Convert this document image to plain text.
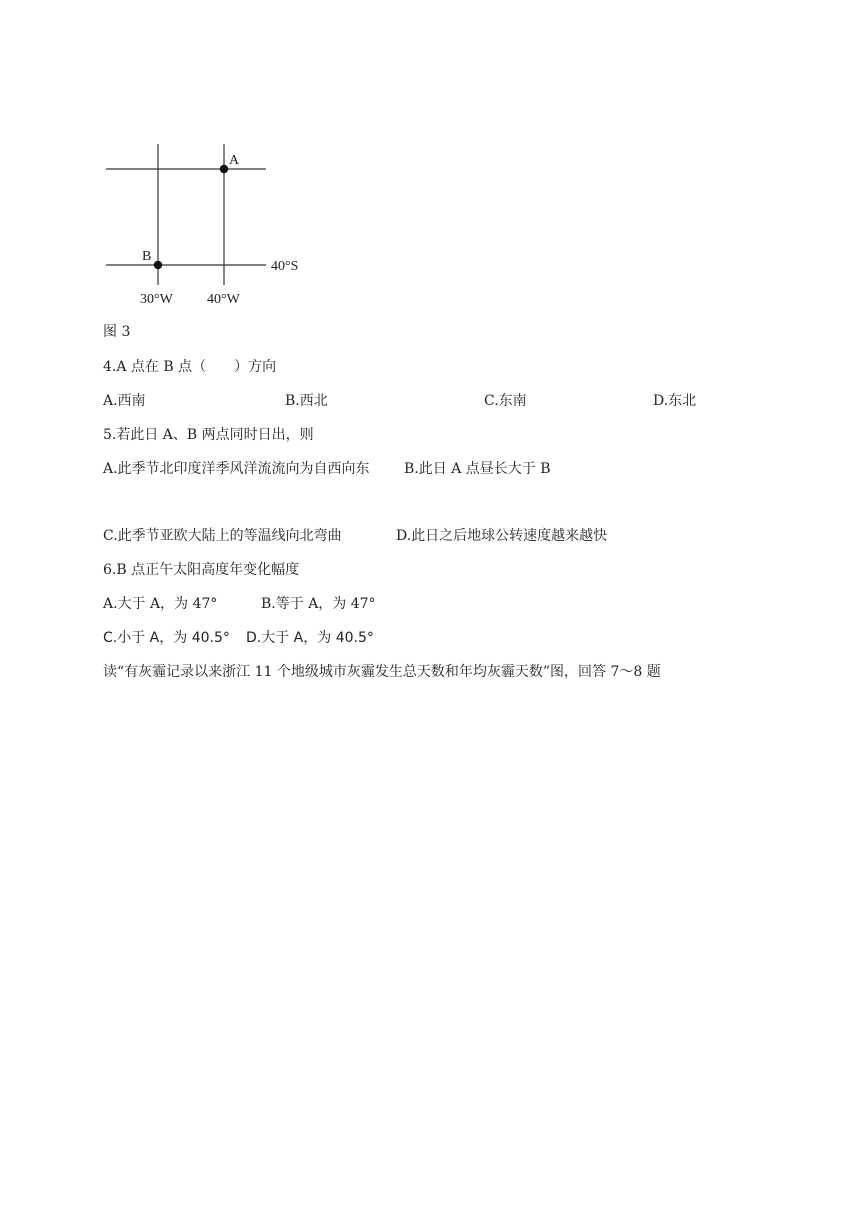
A
B
40°S
30°W 40°W
图 3
4.A 点在 B 点（　　）方向
A.西南	B.西北	C.东南	D.东北
5.若此日 A、B 两点同时日出，则
A.此季节北印度洋季风洋流流向为自西向东 B.此日 A 点昼长大于 B
C.此季节亚欧大陆上的等温线向北弯曲	D.此日之后地球公转速度越来越快
6.B 点正午太阳高度年变化幅度
A.大于 A，为 47°	B.等于 A，为 47°
C.小于 A，为 40.5° D.大于 A，为 40.5°
读“有灰霾记录以来浙江 11 个地级城市灰霾发生总天数和年均灰霾天数”图，回答 7～8 题
